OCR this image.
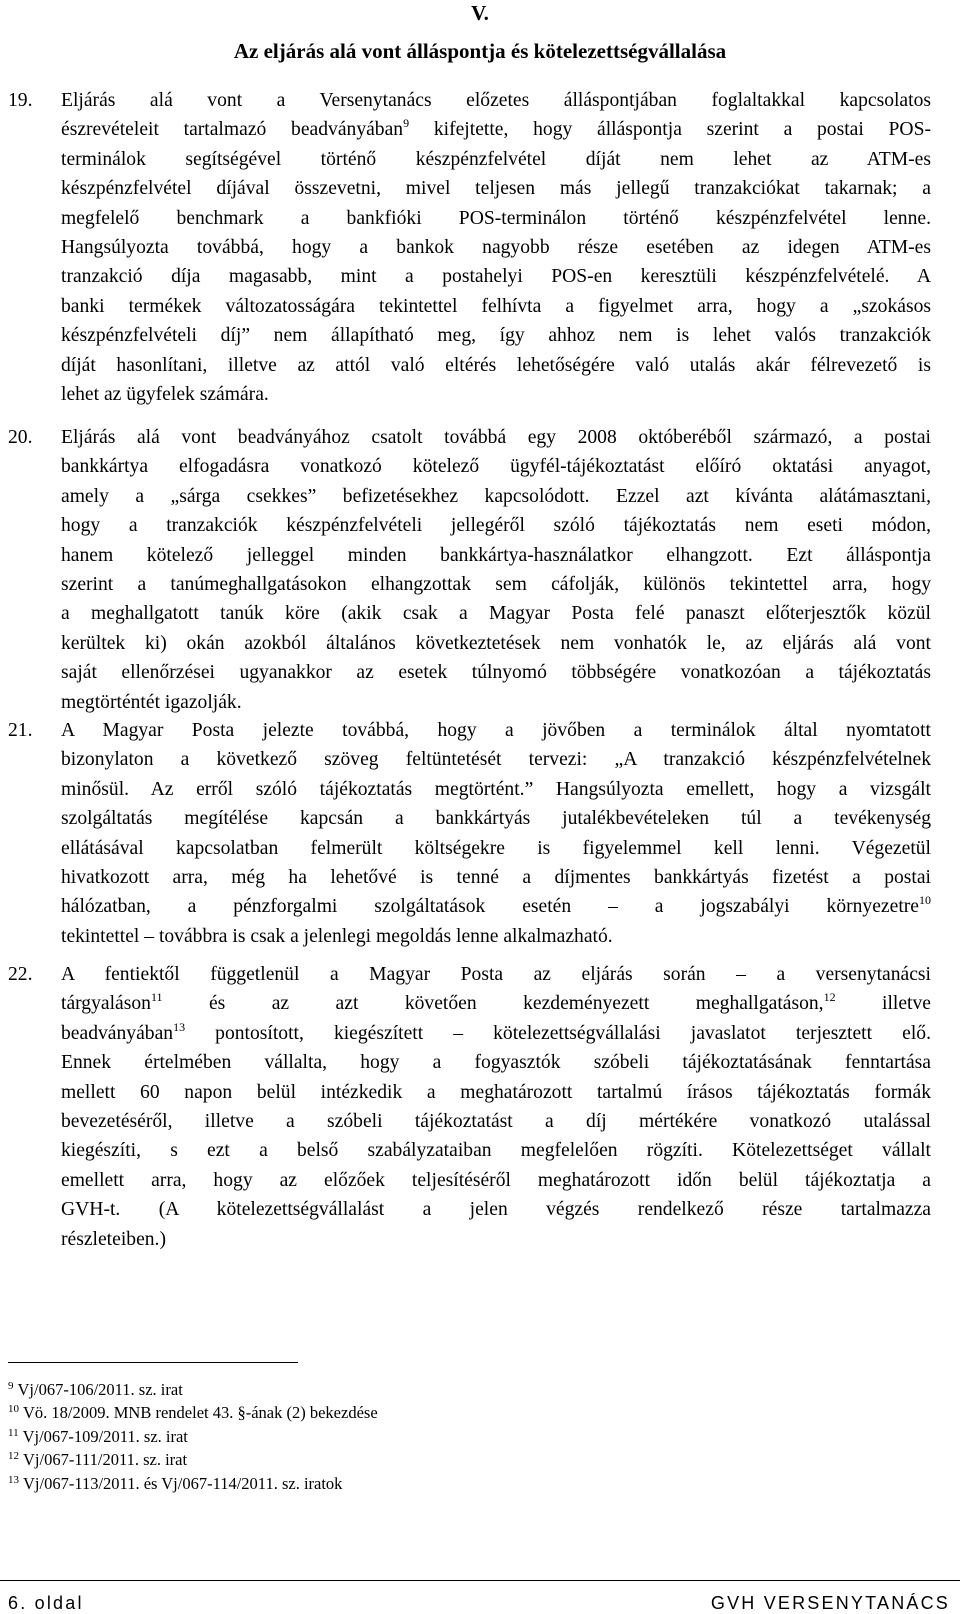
V.
Az eljárás alá vont álláspontja és kötelezettségvállalása
19. Eljárás alá vont a Versenytanács előzetes álláspontjában foglaltakkal kapcsolatos
észrevételeit tartalmazó beadványában$^9$ kifejtette, hogy álláspontja szerint a postai POS-
terminálok segítségével történő készpénzfelvétel díját nem lehet az ATM-es
készpénzfelvétel díjával összevetni, mivel teljesen más jellegű tranzakciókat takarnak; a
megfelelő benchmark a bankfióki POS-terminálon történő készpénzfelvétel lenne.
Hangsúlyozta továbbá, hogy a bankok nagyobb része esetében az idegen ATM-es
tranzakció díja magasabb, mint a postahelyi POS-en keresztüli készpénzfelvételé. A
banki termékek változatosságára tekintettel felhívta a figyelmet arra, hogy a „szokásos
készpénzfelvételi díj” nem állapítható meg, így ahhoz nem is lehet valós tranzakciók
díját hasonlítani, illetve az attól való eltérés lehetőségére való utalás akár félrevezető is
lehet az ügyfelek számára.
20. Eljárás alá vont beadványához csatolt továbbá egy 2008 októberéből származó, a postai
bankkártya elfogadásra vonatkozó kötelező ügyfél-tájékoztatást előíró oktatási anyagot,
amely a „sárga csekkes” befizetésekhez kapcsolódott. Ezzel azt kívánta alátámasztani,
hogy a tranzakciók készpénzfelvételi jellegéről szóló tájékoztatás nem eseti módon,
hanem kötelező jelleggel minden bankkártya-használatkor elhangzott. Ezt álláspontja
szerint a tanúmeghallgatásokon elhangzottak sem cáfolják, különös tekintettel arra, hogy
a meghallgatott tanúk köre (akik csak a Magyar Posta felé panaszt előterjesztők közül
kerültek ki) okán azokból általános következtetések nem vonhatók le, az eljárás alá vont
saját ellenőrzései ugyanakkor az esetek túlnyomó többségére vonatkozóan a tájékoztatás
megtörténtét igazolják.
21. A Magyar Posta jelezte továbbá, hogy a jövőben a terminálok által nyomtatott
bizonylaton a következő szöveg feltüntetését tervezi: „A tranzakció készpénzfelvételnek
minősül. Az erről szóló tájékoztatás megtörtént.” Hangsúlyozta emellett, hogy a vizsgált
szolgáltatás megítélése kapcsán a bankkártyás jutalékbevételeken túl a tevékenység
ellátásával kapcsolatban felmerült költségekre is figyelemmel kell lenni. Végezetül
hivatkozott arra, még ha lehetővé is tenné a díjmentes bankkártyás fizetést a postai
hálózatban, a pénzforgalmi szolgáltatások esetén – a jogszabályi környezetre$^{10}$
tekintettel – továbbra is csak a jelenlegi megoldás lenne alkalmazható.
22. A fentiektől függetlenül a Magyar Posta az eljárás során – a versenytanácsi
tárgyaláson$^{11}$ és az azt követően kezdeményezett meghallgatáson,$^{12}$ illetve
beadványában$^{13}$ pontosított, kiegészített – kötelezettségvállalási javaslatot terjesztett elő.
Ennek értelmében vállalta, hogy a fogyasztók szóbeli tájékoztatásának fenntartása
mellett 60 napon belül intézkedik a meghatározott tartalmú írásos tájékoztatás formák
bevezetéséről, illetve a szóbeli tájékoztatást a díj mértékére vonatkozó utalással
kiegészíti, s ezt a belső szabályzataiban megfelelően rögzíti. Kötelezettséget vállalt
emellett arra, hogy az előzőek teljesítéséről meghatározott időn belül tájékoztatja a
GVH-t. (A kötelezettségvállalást a jelen végzés rendelkező része tartalmazza
részleteiben.)
$^9$ Vj/067-106/2011. sz. irat
$^{10}$ Vö. 18/2009. MNB rendelet 43. §-ának (2) bekezdése
$^{11}$ Vj/067-109/2011. sz. irat
$^{12}$ Vj/067-111/2011. sz. irat
$^{13}$ Vj/067-113/2011. és Vj/067-114/2011. sz. iratok
6. oldal	GVH VERSENYTANÁCS
